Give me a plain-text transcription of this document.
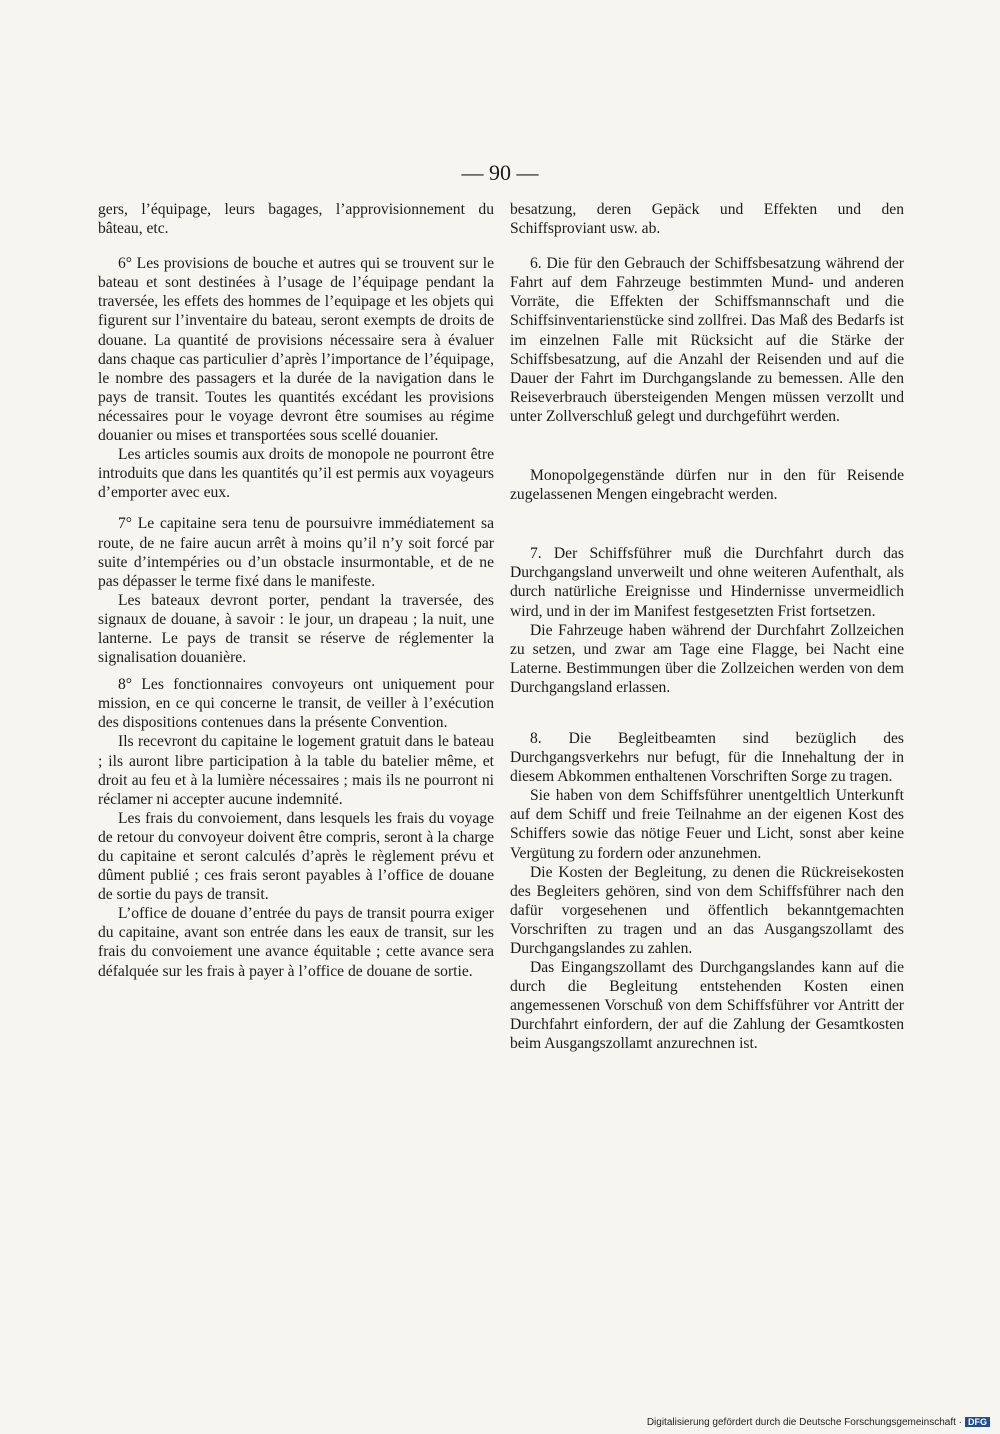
— 90 —

gers, l’équipage, leurs bagages, l’approvisionnement du bâteau, etc.

6° Les provisions de bouche et autres qui se trouvent sur le bateau et sont destinées à l’usage de l’équipage pendant la traversée, les effets des hommes de l’equipage et les objets qui figurent sur l’inventaire du bateau, seront exempts de droits de douane. La quantité de provisions nécessaire sera à évaluer dans chaque cas particulier d’après l’importance de l’équipage, le nombre des passagers et la durée de la navigation dans le pays de transit. Toutes les quantités excédant les provisions nécessaires pour le voyage devront être soumises au régime douanier ou mises et transportées sous scellé douanier.

Les articles soumis aux droits de monopole ne pourront être introduits que dans les quantités qu’il est permis aux voyageurs d’emporter avec eux.

7° Le capitaine sera tenu de poursuivre immédiatement sa route, de ne faire aucun arrêt à moins qu’il n’y soit forcé par suite d’intempéries ou d’un obstacle insurmontable, et de ne pas dépasser le terme fixé dans le manifeste.

Les bateaux devront porter, pendant la traversée, des signaux de douane, à savoir : le jour, un drapeau ; la nuit, une lanterne. Le pays de transit se réserve de réglementer la signalisation douanière.

8° Les fonctionnaires convoyeurs ont uniquement pour mission, en ce qui concerne le transit, de veiller à l’exécution des dispositions contenues dans la présente Convention.

Ils recevront du capitaine le logement gratuit dans le bateau ; ils auront libre participation à la table du batelier même, et droit au feu et à la lumière nécessaires ; mais ils ne pourront ni réclamer ni accepter aucune indemnité.

Les frais du convoiement, dans lesquels les frais du voyage de retour du convoyeur doivent être compris, seront à la charge du capitaine et seront calculés d’après le règlement prévu et dûment publié ; ces frais seront payables à l’office de douane de sortie du pays de transit.

L’office de douane d’entrée du pays de transit pourra exiger du capitaine, avant son entrée dans les eaux de transit, sur les frais du convoiement une avance équitable ; cette avance sera défalquée sur les frais à payer à l’office de douane de sortie.

besatzung, deren Gepäck und Effekten und den Schiffsproviant usw. ab.

6. Die für den Gebrauch der Schiffsbesatzung während der Fahrt auf dem Fahrzeuge bestimmten Mund- und anderen Vorräte, die Effekten der Schiffsmannschaft und die Schiffsinventarienstücke sind zollfrei. Das Maß des Bedarfs ist im einzelnen Falle mit Rücksicht auf die Stärke der Schiffsbesatzung, auf die Anzahl der Reisenden und auf die Dauer der Fahrt im Durchgangslande zu bemessen. Alle den Reiseverbrauch übersteigenden Mengen müssen verzollt und unter Zollverschluß gelegt und durchgeführt werden.

Monopolgegenstände dürfen nur in den für Reisende zugelassenen Mengen eingebracht werden.

7. Der Schiffsführer muß die Durchfahrt durch das Durchgangsland unverweilt und ohne weiteren Aufenthalt, als durch natürliche Ereignisse und Hindernisse unvermeidlich wird, und in der im Manifest festgesetzten Frist fortsetzen.

Die Fahrzeuge haben während der Durchfahrt Zollzeichen zu setzen, und zwar am Tage eine Flagge, bei Nacht eine Laterne. Bestimmungen über die Zollzeichen werden von dem Durchgangsland erlassen.

8. Die Begleitbeamten sind bezüglich des Durchgangsverkehrs nur befugt, für die Innehaltung der in diesem Abkommen enthaltenen Vorschriften Sorge zu tragen.

Sie haben von dem Schiffsführer unentgeltlich Unterkunft auf dem Schiff und freie Teilnahme an der eigenen Kost des Schiffers sowie das nötige Feuer und Licht, sonst aber keine Vergütung zu fordern oder anzunehmen.

Die Kosten der Begleitung, zu denen die Rückreisekosten des Begleiters gehören, sind von dem Schiffsführer nach den dafür vorgesehenen und öffentlich bekanntgemachten Vorschriften zu tragen und an das Ausgangszollamt des Durchgangslandes zu zahlen.

Das Eingangszollamt des Durchgangslandes kann auf die durch die Begleitung entstehenden Kosten einen angemessenen Vorschuß von dem Schiffsführer vor Antritt der Durchfahrt einfordern, der auf die Zahlung der Gesamtkosten beim Ausgangszollamt anzurechnen ist.

Digitalisierung gefördert durch die Deutsche Forschungsgemeinschaft · DFG
